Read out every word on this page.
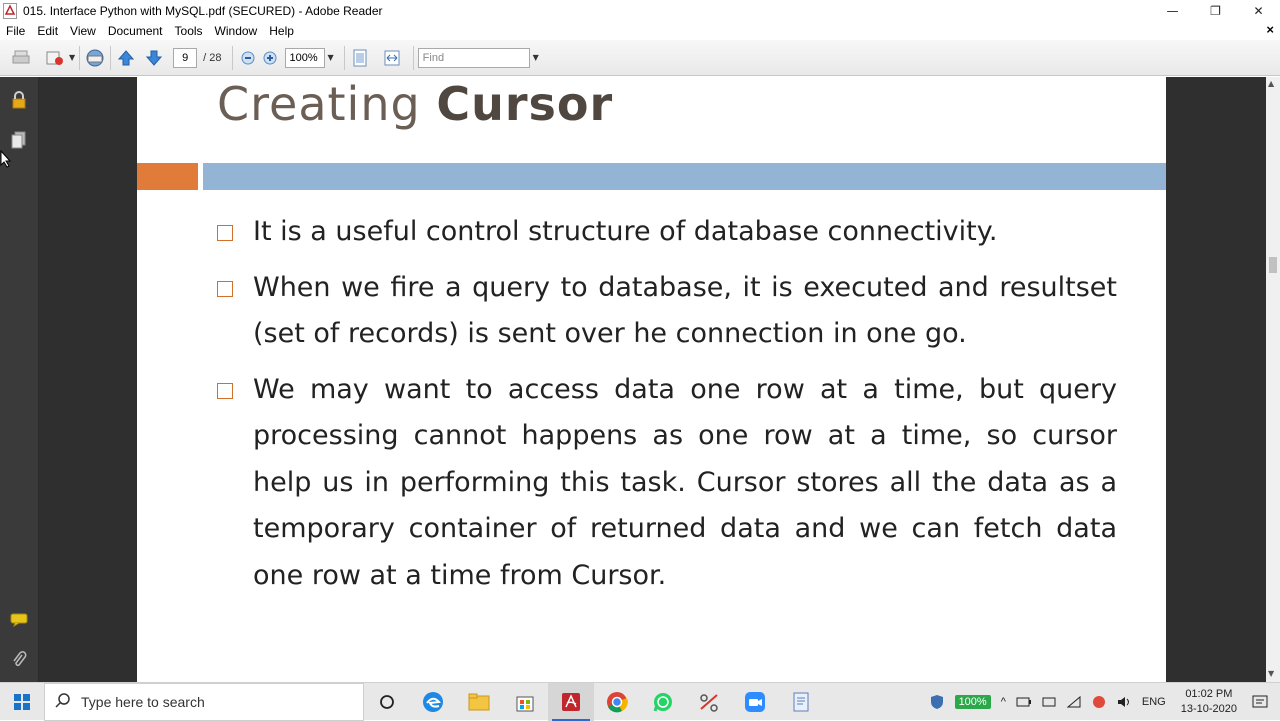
015. Interface Python with MySQL.pdf (SECURED) - Adobe Reader	—	❐	✕
File	Edit	View	Document	Tools	Window	Help	×
▼	9	/ 28	100%	▼	Find	▼
Creating Cursor
It is a useful control structure of database connectivity.
When we fire a query to database, it is executed and resultset (set of records) is sent over he connection in one go.
We may want to access data one row at a time, but query processing cannot happens as one row at a time, so cursor help us in performing this task. Cursor stores all the data as a temporary container of returned data and we can fetch data one row at a time from Cursor.
▲
▼
Type here to search	100%	^	ENG
01:02 PM
13-10-2020
